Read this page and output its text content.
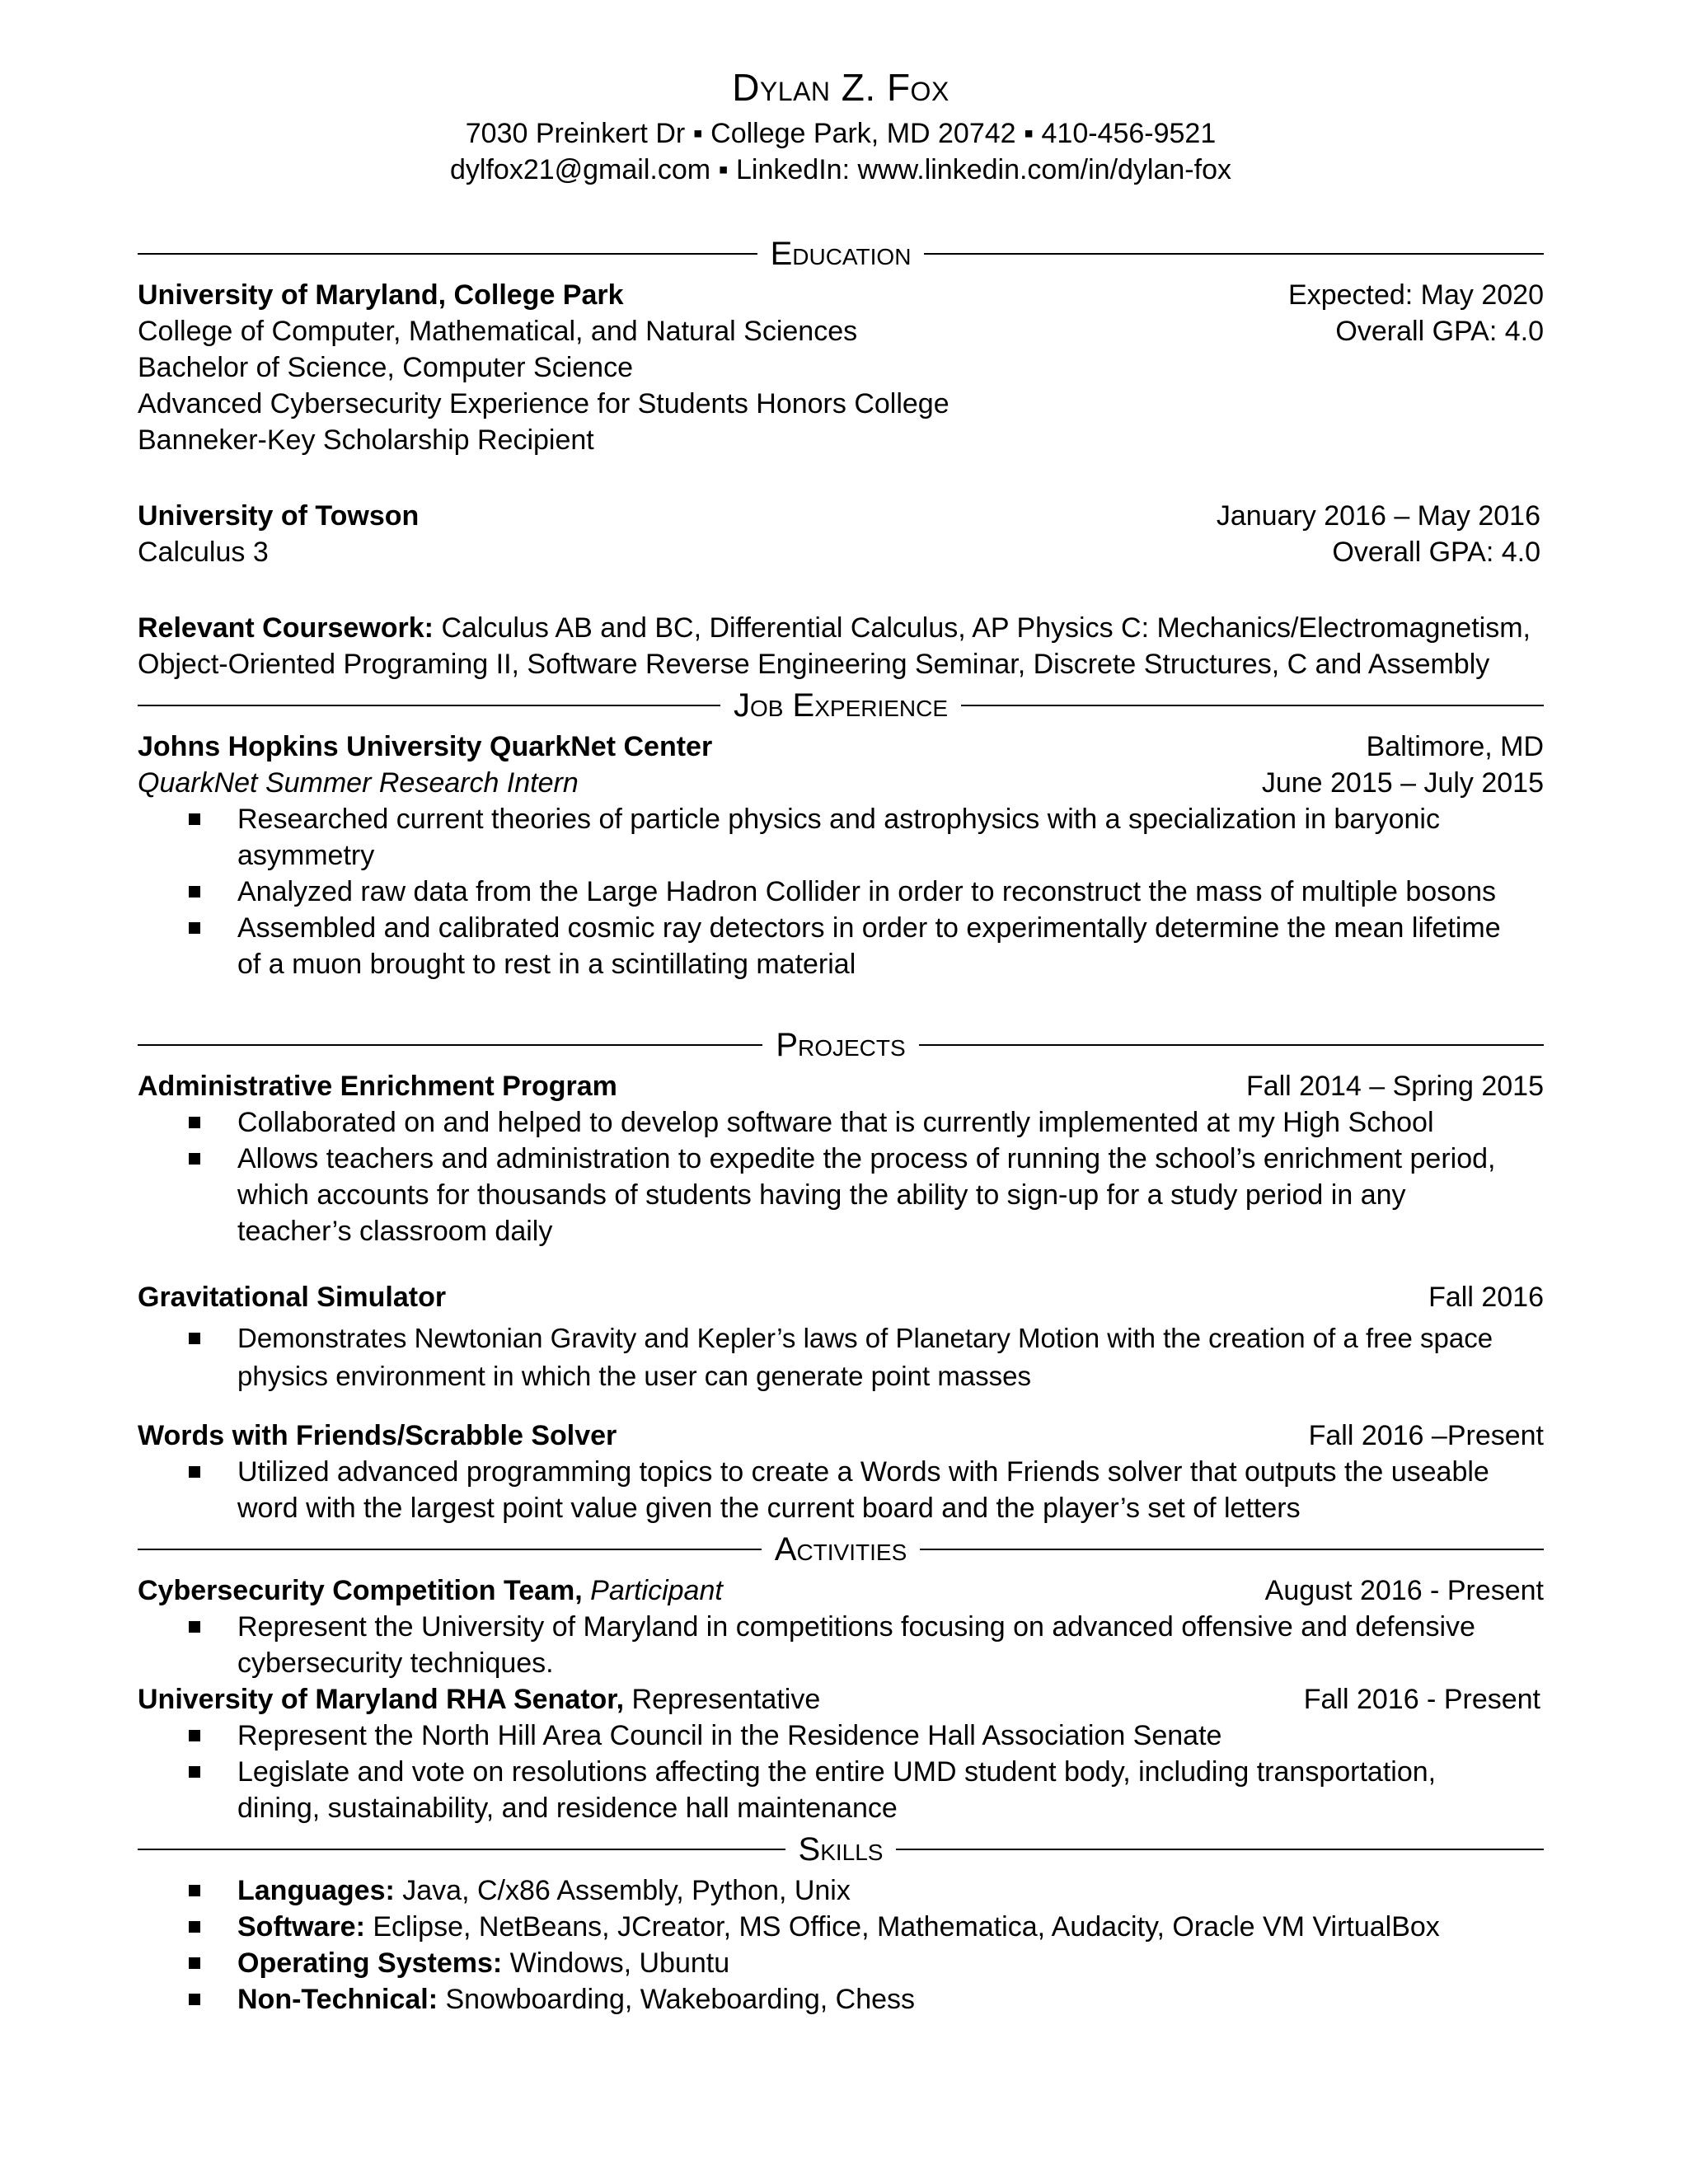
Dylan Z. Fox
7030 Preinkert Dr ▪ College Park, MD 20742 ▪ 410-456-9521
dylfox21@gmail.com ▪ LinkedIn: www.linkedin.com/in/dylan-fox
Education
University of Maryland, College Park	Expected: May 2020
College of Computer, Mathematical, and Natural Sciences	Overall GPA: 4.0
Bachelor of Science, Computer Science
Advanced Cybersecurity Experience for Students Honors College
Banneker-Key Scholarship Recipient
University of Towson	January 2016 – May 2016
Calculus 3	Overall GPA: 4.0
Relevant Coursework: Calculus AB and BC, Differential Calculus, AP Physics C: Mechanics/Electromagnetism,
Object-Oriented Programing II, Software Reverse Engineering Seminar, Discrete Structures, C and Assembly
Job Experience
Johns Hopkins University QuarkNet Center	Baltimore, MD
QuarkNet Summer Research Intern	June 2015 – July 2015
Researched current theories of particle physics and astrophysics with a specialization in baryonic
asymmetry
Analyzed raw data from the Large Hadron Collider in order to reconstruct the mass of multiple bosons
Assembled and calibrated cosmic ray detectors in order to experimentally determine the mean lifetime
of a muon brought to rest in a scintillating material
Projects
Administrative Enrichment Program	Fall 2014 – Spring 2015
Collaborated on and helped to develop software that is currently implemented at my High School
Allows teachers and administration to expedite the process of running the school’s enrichment period,
which accounts for thousands of students having the ability to sign-up for a study period in any
teacher’s classroom daily
Gravitational Simulator	Fall 2016
Demonstrates Newtonian Gravity and Kepler’s laws of Planetary Motion with the creation of a free space
physics environment in which the user can generate point masses
Words with Friends/Scrabble Solver	Fall 2016 –Present
Utilized advanced programming topics to create a Words with Friends solver that outputs the useable
word with the largest point value given the current board and the player’s set of letters
Activities
Cybersecurity Competition Team, Participant	August 2016 - Present
Represent the University of Maryland in competitions focusing on advanced offensive and defensive
cybersecurity techniques.
University of Maryland RHA Senator, Representative	Fall 2016 - Present
Represent the North Hill Area Council in the Residence Hall Association Senate
Legislate and vote on resolutions affecting the entire UMD student body, including transportation,
dining, sustainability, and residence hall maintenance
Skills
Languages: Java, C/x86 Assembly, Python, Unix
Software: Eclipse, NetBeans, JCreator, MS Office, Mathematica, Audacity, Oracle VM VirtualBox
Operating Systems: Windows, Ubuntu
Non-Technical: Snowboarding, Wakeboarding, Chess
